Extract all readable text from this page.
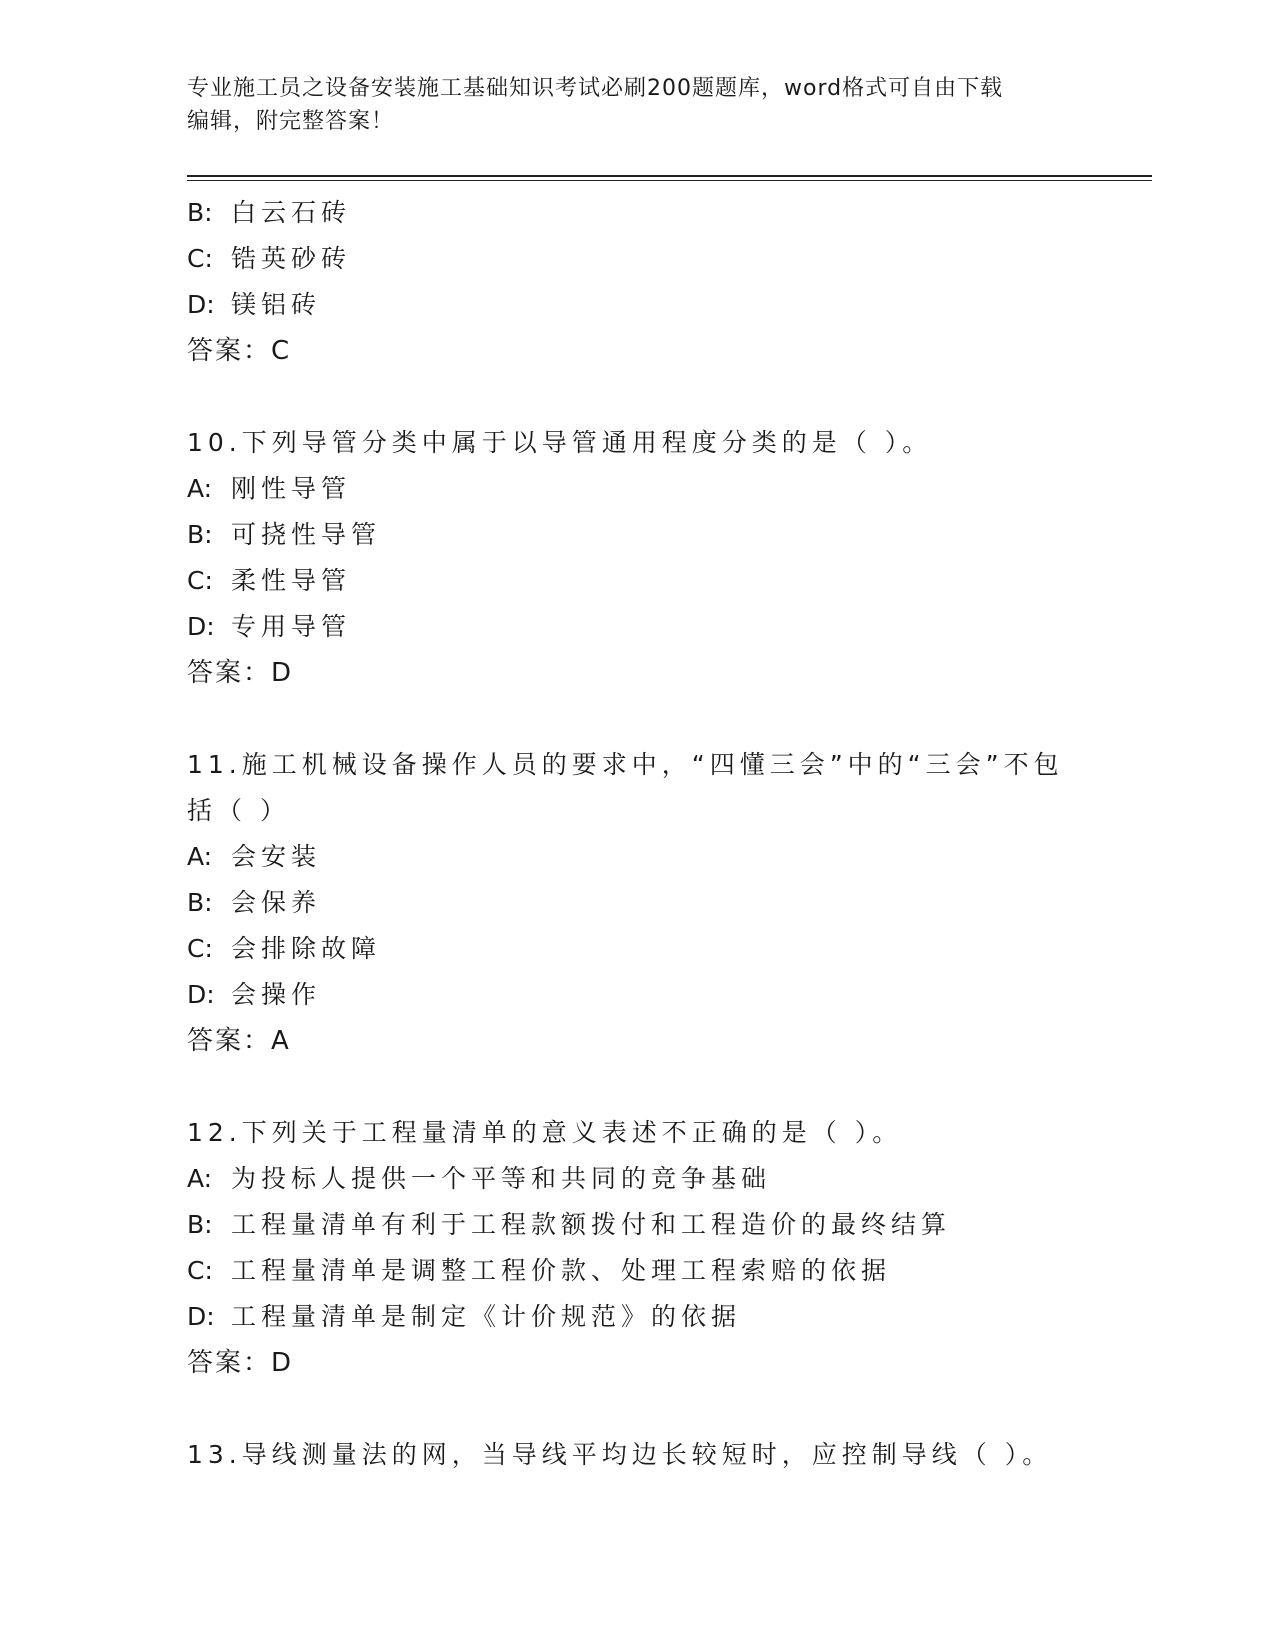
专业施工员之设备安装施工基础知识考试必刷200题题库，word格式可自由下载
编辑，附完整答案！
B: 白云石砖
C: 锆英砂砖
D: 镁铝砖
答案：C
10.下列导管分类中属于以导管通用程度分类的是（ ）。
A: 刚性导管
B: 可挠性导管
C: 柔性导管
D: 专用导管
答案：D
11.施工机械设备操作人员的要求中，“四懂三会”中的“三会”不包
括（ ）
A: 会安装
B: 会保养
C: 会排除故障
D: 会操作
答案：A
12.下列关于工程量清单的意义表述不正确的是（ ）。
A: 为投标人提供一个平等和共同的竞争基础
B: 工程量清单有利于工程款额拨付和工程造价的最终结算
C: 工程量清单是调整工程价款、处理工程索赔的依据
D: 工程量清单是制定《计价规范》的依据
答案：D
13.导线测量法的网，当导线平均边长较短时，应控制导线（ ）。
